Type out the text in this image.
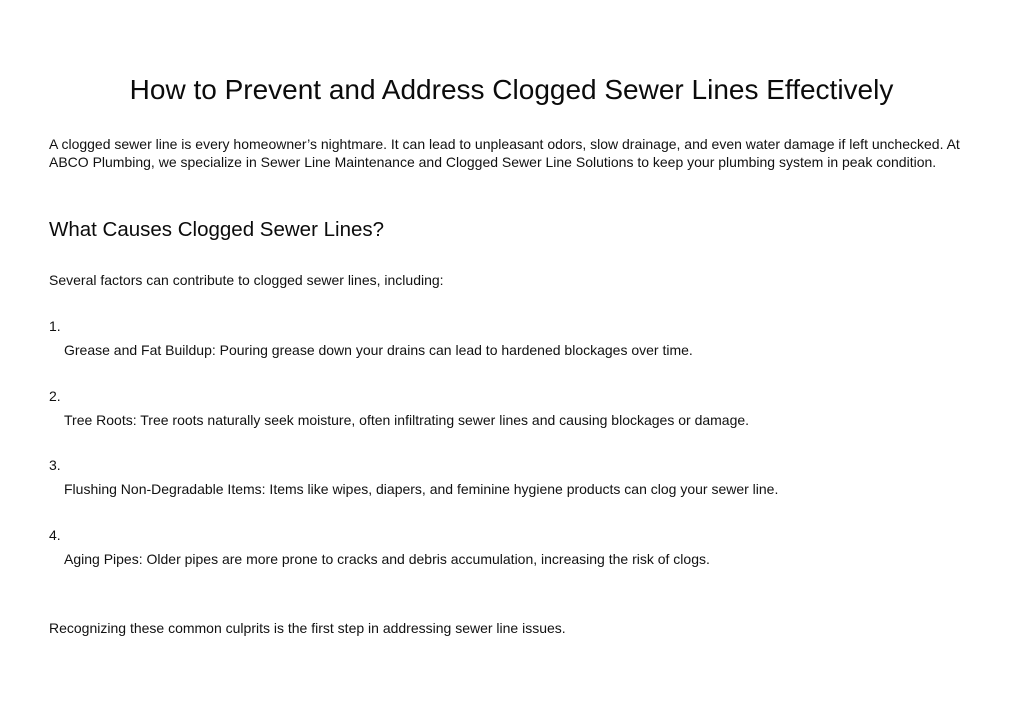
How to Prevent and Address Clogged Sewer Lines Effectively

A clogged sewer line is every homeowner’s nightmare. It can lead to unpleasant odors, slow drainage, and even water damage if left unchecked. At ABCO Plumbing, we specialize in Sewer Line Maintenance and Clogged Sewer Line Solutions to keep your plumbing system in peak condition.

What Causes Clogged Sewer Lines?

Several factors can contribute to clogged sewer lines, including:

1.
Grease and Fat Buildup: Pouring grease down your drains can lead to hardened blockages over time.
2.
Tree Roots: Tree roots naturally seek moisture, often infiltrating sewer lines and causing blockages or damage.
3.
Flushing Non-Degradable Items: Items like wipes, diapers, and feminine hygiene products can clog your sewer line.
4.
Aging Pipes: Older pipes are more prone to cracks and debris accumulation, increasing the risk of clogs.

Recognizing these common culprits is the first step in addressing sewer line issues.
